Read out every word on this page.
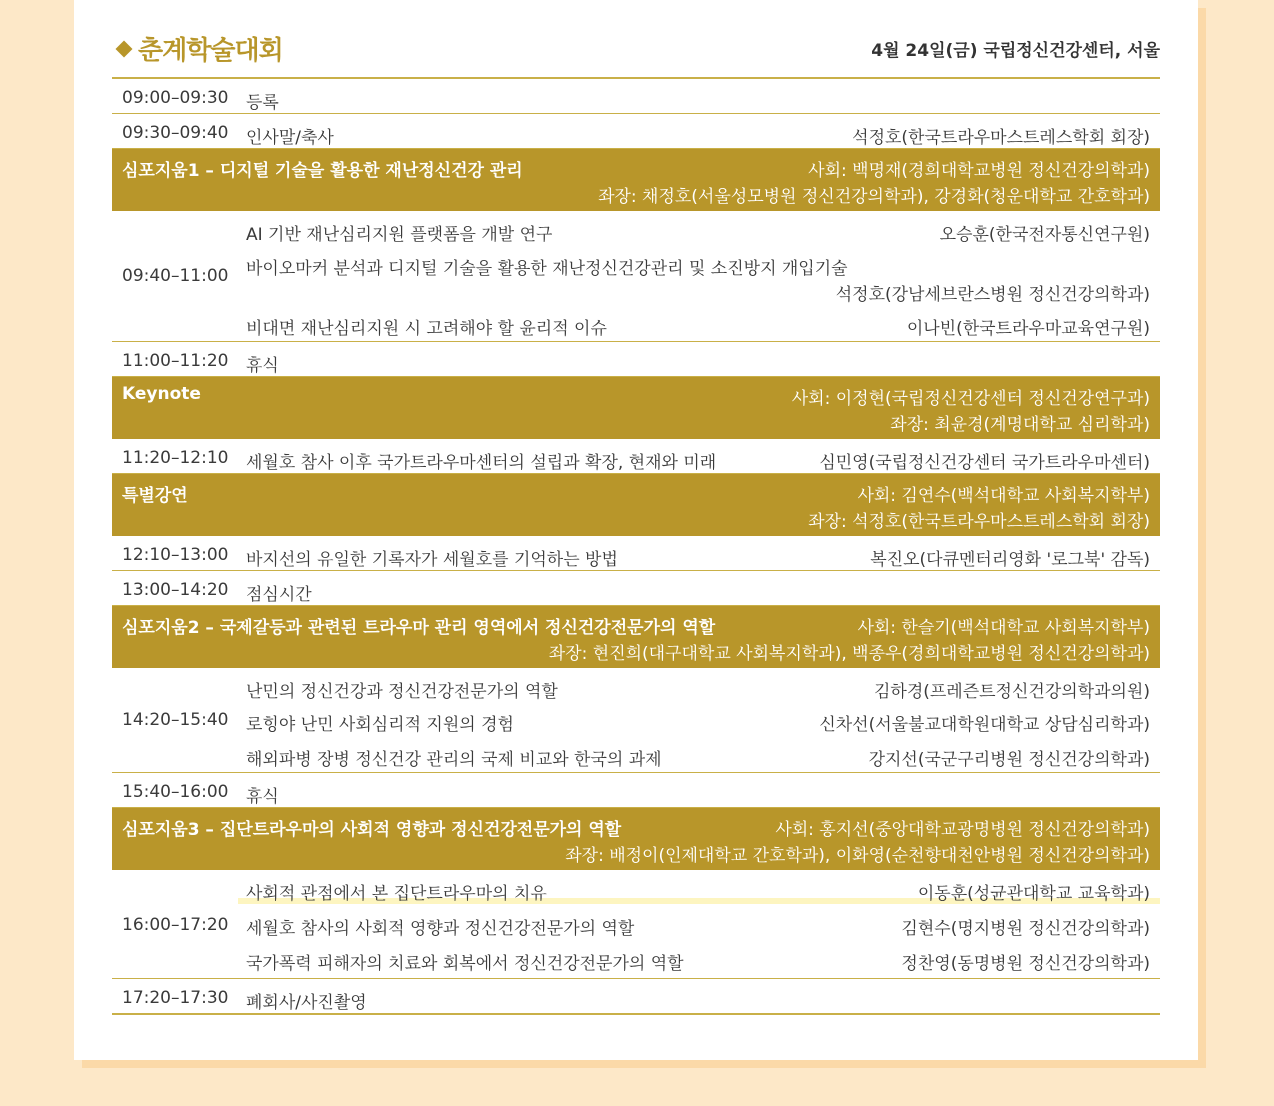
춘계학술대회	4월 24일(금) 국립정신건강센터, 서울
09:00–09:30 등록
09:30–09:40 인사말/축사	석정호(한국트라우마스트레스학회 회장)
심포지움1 – 디지털 기술을 활용한 재난정신건강 관리	사회: 백명재(경희대학교병원 정신건강의학과)
좌장: 채정호(서울성모병원 정신건강의학과), 강경화(청운대학교 간호학과)
09:40–11:00
AI 기반 재난심리지원 플랫폼을 개발 연구	오승훈(한국전자통신연구원)
바이오마커 분석과 디지털 기술을 활용한 재난정신건강관리 및 소진방지 개입기술
석정호(강남세브란스병원 정신건강의학과)
비대면 재난심리지원 시 고려해야 할 윤리적 이슈	이나빈(한국트라우마교육연구원)
11:00–11:20 휴식
Keynote	사회: 이정현(국립정신건강센터 정신건강연구과)
좌장: 최윤경(계명대학교 심리학과)
11:20–12:10 세월호 참사 이후 국가트라우마센터의 설립과 확장, 현재와 미래	심민영(국립정신건강센터 국가트라우마센터)
특별강연	사회: 김연수(백석대학교 사회복지학부)
좌장: 석정호(한국트라우마스트레스학회 회장)
12:10–13:00 바지선의 유일한 기록자가 세월호를 기억하는 방법	복진오(다큐멘터리영화 '로그북' 감독)
13:00–14:20 점심시간
심포지움2 – 국제갈등과 관련된 트라우마 관리 영역에서 정신건강전문가의 역할	사회: 한슬기(백석대학교 사회복지학부)
좌장: 현진희(대구대학교 사회복지학과), 백종우(경희대학교병원 정신건강의학과)
14:20–15:40
난민의 정신건강과 정신건강전문가의 역할	김하경(프레즌트정신건강의학과의원)
로힝야 난민 사회심리적 지원의 경험	신차선(서울불교대학원대학교 상담심리학과)
해외파병 장병 정신건강 관리의 국제 비교와 한국의 과제	강지선(국군구리병원 정신건강의학과)
15:40–16:00 휴식
심포지움3 – 집단트라우마의 사회적 영향과 정신건강전문가의 역할	사회: 홍지선(중앙대학교광명병원 정신건강의학과)
좌장: 배정이(인제대학교 간호학과), 이화영(순천향대천안병원 정신건강의학과)
16:00–17:20
사회적 관점에서 본 집단트라우마의 치유	이동훈(성균관대학교 교육학과)
세월호 참사의 사회적 영향과 정신건강전문가의 역할	김현수(명지병원 정신건강의학과)
국가폭력 피해자의 치료와 회복에서 정신건강전문가의 역할	정찬영(동명병원 정신건강의학과)
17:20–17:30 폐회사/사진촬영
